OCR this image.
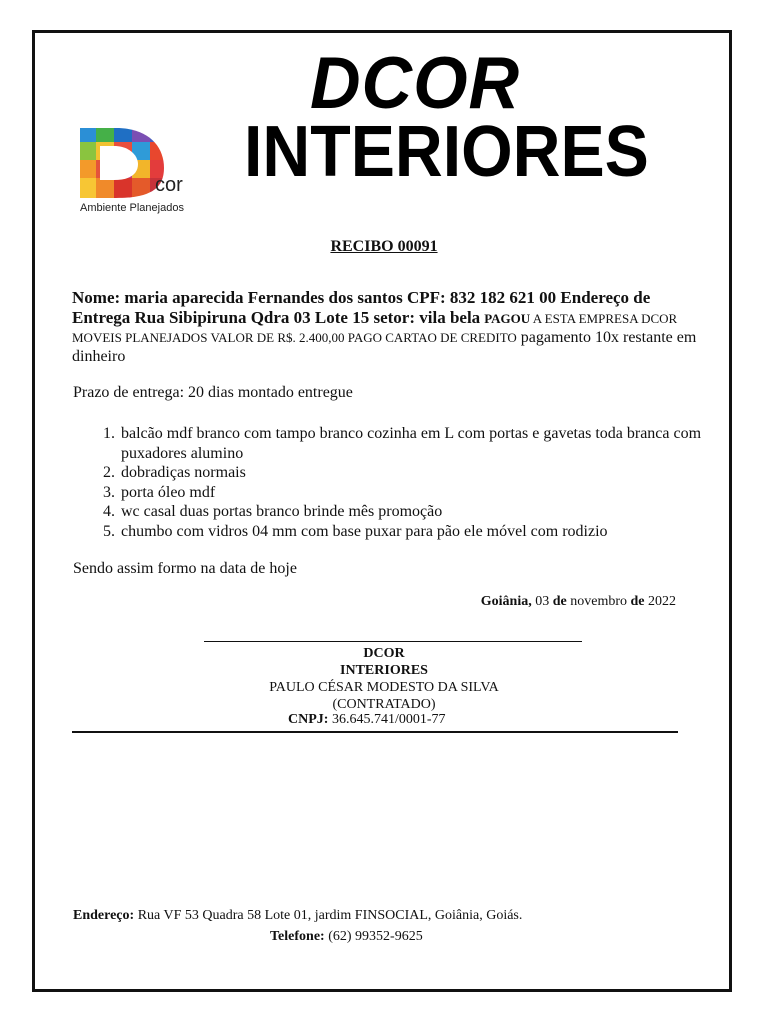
cor
Ambiente Planejados
DCOR
INTERIORES
RECIBO 00091
Nome: maria aparecida Fernandes dos santos CPF: 832 182 621 00 Endereço de Entrega Rua Sibipiruna Qdra 03 Lote 15 setor: vila bela PAGOU A ESTA EMPRESA DCOR MOVEIS PLANEJADOS VALOR DE R$. 2.400,00 PAGO CARTAO DE CREDITO pagamento 10x restante em dinheiro
Prazo de entrega: 20 dias montado entregue
1. balcão mdf branco com tampo branco cozinha em L com portas e gavetas toda branca com puxadores alumino
2. dobradiças normais
3. porta óleo mdf
4. wc casal duas portas branco brinde mês promoção
5. chumbo com vidros 04 mm com base puxar para pão ele móvel com rodizio
Sendo assim formo na data de hoje
Goiânia, 03 de novembro de 2022
DCOR
INTERIORES
PAULO CÉSAR MODESTO DA SILVA
(CONTRATADO)
CNPJ: 36.645.741/0001-77
Endereço: Rua VF 53 Quadra 58 Lote 01, jardim FINSOCIAL, Goiânia, Goiás.
Telefone: (62) 99352-9625
